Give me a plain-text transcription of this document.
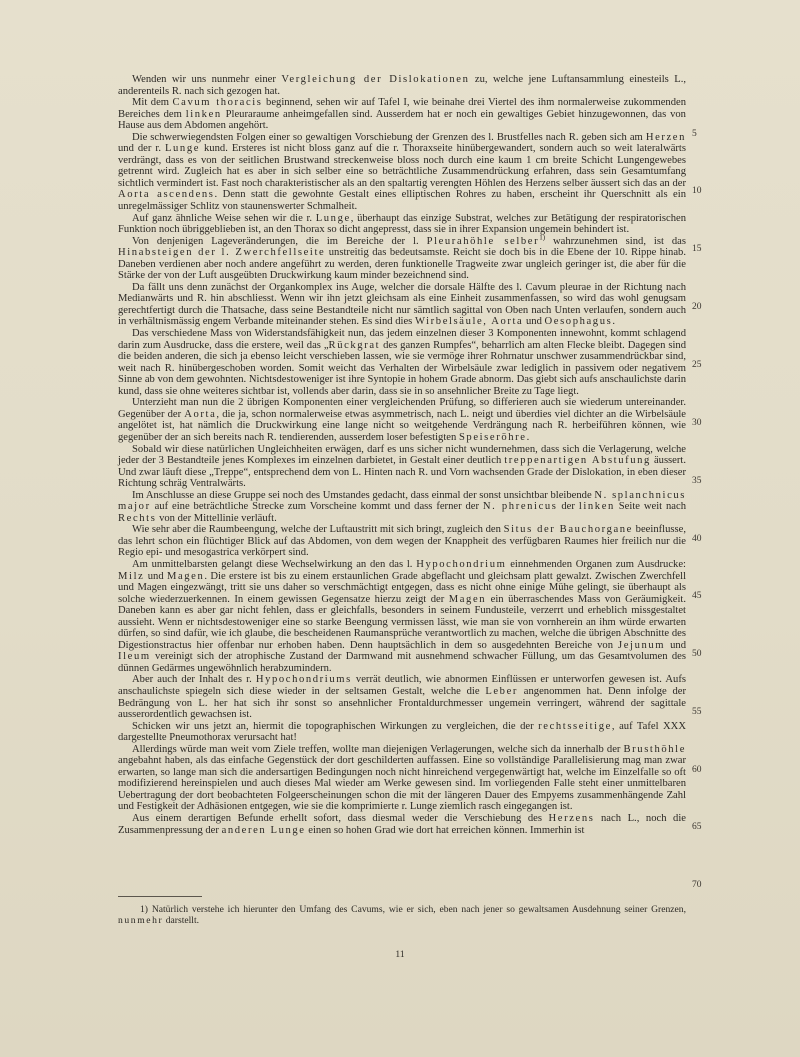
Wenden wir uns nunmehr einer Vergleichung der Dislokationen zu, welche jene Luftansammlung einesteils L., anderenteils R. nach sich gezogen hat.

Mit dem Cavum thoracis beginnend, sehen wir auf Tafel I, wie beinahe drei Viertel des ihm normalerweise zukommenden Bereiches dem linken Pleuraraume anheimgefallen sind. Ausserdem hat er noch ein gewaltiges Gebiet hinzugewonnen, das von Hause aus dem Abdomen angehört.

Die schwerwiegendsten Folgen einer so gewaltigen Vorschiebung der Grenzen des l. Brustfelles nach R. geben sich am Herzen und der r. Lunge kund. Ersteres ist nicht bloss ganz auf die r. Thoraxseite hinübergewandert, sondern auch so weit lateralwärts verdrängt, dass es von der seitlichen Brustwand streckenweise bloss noch durch eine kaum 1 cm breite Schicht Lungengewebes getrennt wird. Zugleich hat es aber in sich selber eine so beträchtliche Zusammendrückung erfahren, dass sein Gesamtumfang sichtlich vermindert ist. Fast noch charakteristischer als an den spaltartig verengten Höhlen des Herzens selber äussert sich das an der Aorta ascendens. Denn statt die gewohnte Gestalt eines elliptischen Rohres zu haben, erscheint ihr Querschnitt als ein unregelmässiger Schlitz von staunenswerter Schmalheit.

Auf ganz ähnliche Weise sehen wir die r. Lunge, überhaupt das einzige Substrat, welches zur Betätigung der respiratorischen Funktion noch übriggeblieben ist, an den Thorax so dicht angepresst, dass sie in ihrer Expansion ungemein behindert ist.

Von denjenigen Lageveränderungen, die im Bereiche der l. Pleurahöhle selber$^{1)}$ wahrzunehmen sind, ist das Hinabsteigen der l. Zwerchfellseite unstreitig das bedeutsamste. Reicht sie doch bis in die Ebene der 10. Rippe hinab. Daneben verdienen aber noch andere angeführt zu werden, deren funktionelle Tragweite zwar ungleich geringer ist, die aber für die Stärke der von der Luft ausgeübten Druckwirkung kaum minder bezeichnend sind.

Da fällt uns denn zunächst der Organkomplex ins Auge, welcher die dorsale Hälfte des l. Cavum pleurae in der Richtung nach Medianwärts und R. hin abschliesst. Wenn wir ihn jetzt gleichsam als eine Einheit zusammenfassen, so wird das wohl genugsam gerechtfertigt durch die Thatsache, dass seine Bestandteile nicht nur sämtlich sagittal von Oben nach Unten verlaufen, sondern auch in verhältnismässig engem Verbande miteinander stehen. Es sind dies Wirbelsäule, Aorta und Oesophagus.

Das verschiedene Mass von Widerstandsfähigkeit nun, das jedem einzelnen dieser 3 Komponenten innewohnt, kommt schlagend darin zum Ausdrucke, dass die erstere, weil das „Rückgrat des ganzen Rumpfes“, beharrlich am alten Flecke bleibt. Dagegen sind die beiden anderen, die sich ja ebenso leicht verschieben lassen, wie sie vermöge ihrer Rohrnatur unschwer zusammendrückbar sind, weit nach R. hinübergeschoben worden. Somit weicht das Verhalten der Wirbelsäule zwar lediglich in passivem oder negativem Sinne ab von dem gewohnten. Nichtsdestoweniger ist ihre Syntopie in hohem Grade abnorm. Das giebt sich aufs anschaulichste darin kund, dass sie ohne weiteres sichtbar ist, vollends aber darin, dass sie in so ansehnlicher Breite zu Tage liegt.

Unterzieht man nun die 2 übrigen Komponenten einer vergleichenden Prüfung, so differieren auch sie wiederum untereinander. Gegenüber der Aorta, die ja, schon normalerweise etwas asymmetrisch, nach L. neigt und überdies viel dichter an die Wirbelsäule angelötet ist, hat nämlich die Druckwirkung eine lange nicht so weitgehende Verdrängung nach R. herbeiführen können, wie gegenüber der an sich bereits nach R. tendierenden, ausserdem loser befestigten Speiseröhre.

Sobald wir diese natürlichen Ungleichheiten erwägen, darf es uns sicher nicht wundernehmen, dass sich die Verlagerung, welche jeder der 3 Bestandteile jenes Komplexes im einzelnen darbietet, in Gestalt einer deutlich treppenartigen Abstufung äussert. Und zwar läuft diese „Treppe“, entsprechend dem von L. Hinten nach R. und Vorn wachsenden Grade der Dislokation, in eben dieser Richtung schräg Ventralwärts.

Im Anschlusse an diese Gruppe sei noch des Umstandes gedacht, dass einmal der sonst unsichtbar bleibende N. splanchnicus major auf eine beträchtliche Strecke zum Vorscheine kommt und dass ferner der N. phrenicus der linken Seite weit nach Rechts von der Mittellinie verläuft.

Wie sehr aber die Raumbeengung, welche der Luftaustritt mit sich bringt, zugleich den Situs der Bauchorgane beeinflusse, das lehrt schon ein flüchtiger Blick auf das Abdomen, von dem wegen der Knappheit des verfügbaren Raumes hier freilich nur die Regio epi- und mesogastrica verkörpert sind.

Am unmittelbarsten gelangt diese Wechselwirkung an den das l. Hypochondrium einnehmenden Organen zum Ausdrucke: Milz und Magen. Die erstere ist bis zu einem erstaunlichen Grade abgeflacht und gleichsam platt gewalzt. Zwischen Zwerchfell und Magen eingezwängt, tritt sie uns daher so verschmächtigt entgegen, dass es nicht ohne einige Mühe gelingt, sie überhaupt als solche wiederzuerkennen. In einem gewissen Gegensatze hierzu zeigt der Magen ein überraschendes Mass von Geräumigkeit. Daneben kann es aber gar nicht fehlen, dass er gleichfalls, besonders in seinem Fundusteile, verzerrt und erheblich missgestaltet aussieht. Wenn er nichtsdestoweniger eine so starke Beengung vermissen lässt, wie man sie von vornherein an ihm würde erwarten dürfen, so sind dafür, wie ich glaube, die bescheidenen Raumansprüche verantwortlich zu machen, welche die übrigen Abschnitte des Digestionstractus hier offenbar nur erhoben haben. Denn hauptsächlich in dem so ausgedehnten Bereiche von Jejunum und Ileum vereinigt sich der atrophische Zustand der Darmwand mit ausnehmend schwacher Füllung, um das Gesamtvolumen des dünnen Gedärmes ungewöhnlich herabzumindern.

Aber auch der Inhalt des r. Hypochondriums verrät deutlich, wie abnormen Einflüssen er unterworfen gewesen ist. Aufs anschaulichste spiegeln sich diese wieder in der seltsamen Gestalt, welche die Leber angenommen hat. Denn infolge der Bedrängung von L. her hat sich ihr sonst so ansehnlicher Frontaldurchmesser ungemein verringert, während der sagittale ausserordentlich gewachsen ist.

Schicken wir uns jetzt an, hiermit die topographischen Wirkungen zu vergleichen, die der rechtsseitige, auf Tafel XXX dargestellte Pneumothorax verursacht hat!

Allerdings würde man weit vom Ziele treffen, wollte man diejenigen Verlagerungen, welche sich da innerhalb der Brusthöhle angebahnt haben, als das einfache Gegenstück der dort geschilderten auffassen. Eine so vollständige Parallelisierung mag man zwar erwarten, so lange man sich die andersartigen Bedingungen noch nicht hinreichend vergegenwärtigt hat, welche im Einzelfalle so oft modifizierend hereinspielen und auch dieses Mal wieder am Werke gewesen sind. Im vorliegenden Falle steht einer unmittelbaren Uebertragung der dort beobachteten Folgeerscheinungen schon die mit der längeren Dauer des Empyems zusammenhängende Zahl und Festigkeit der Adhäsionen entgegen, wie sie die komprimierte r. Lunge ziemlich rasch eingegangen ist.

Aus einem derartigen Befunde erhellt sofort, dass diesmal weder die Verschiebung des Herzens nach L., noch die Zusammenpressung der anderen Lunge einen so hohen Grad wie dort hat erreichen können. Immerhin ist

5
10
15
20
25
30
35
40
45
50
55
60
65
70

1) Natürlich verstehe ich hierunter den Umfang des Cavums, wie er sich, eben nach jener so gewaltsamen Ausdehnung seiner Grenzen, nunmehr darstellt.

11
